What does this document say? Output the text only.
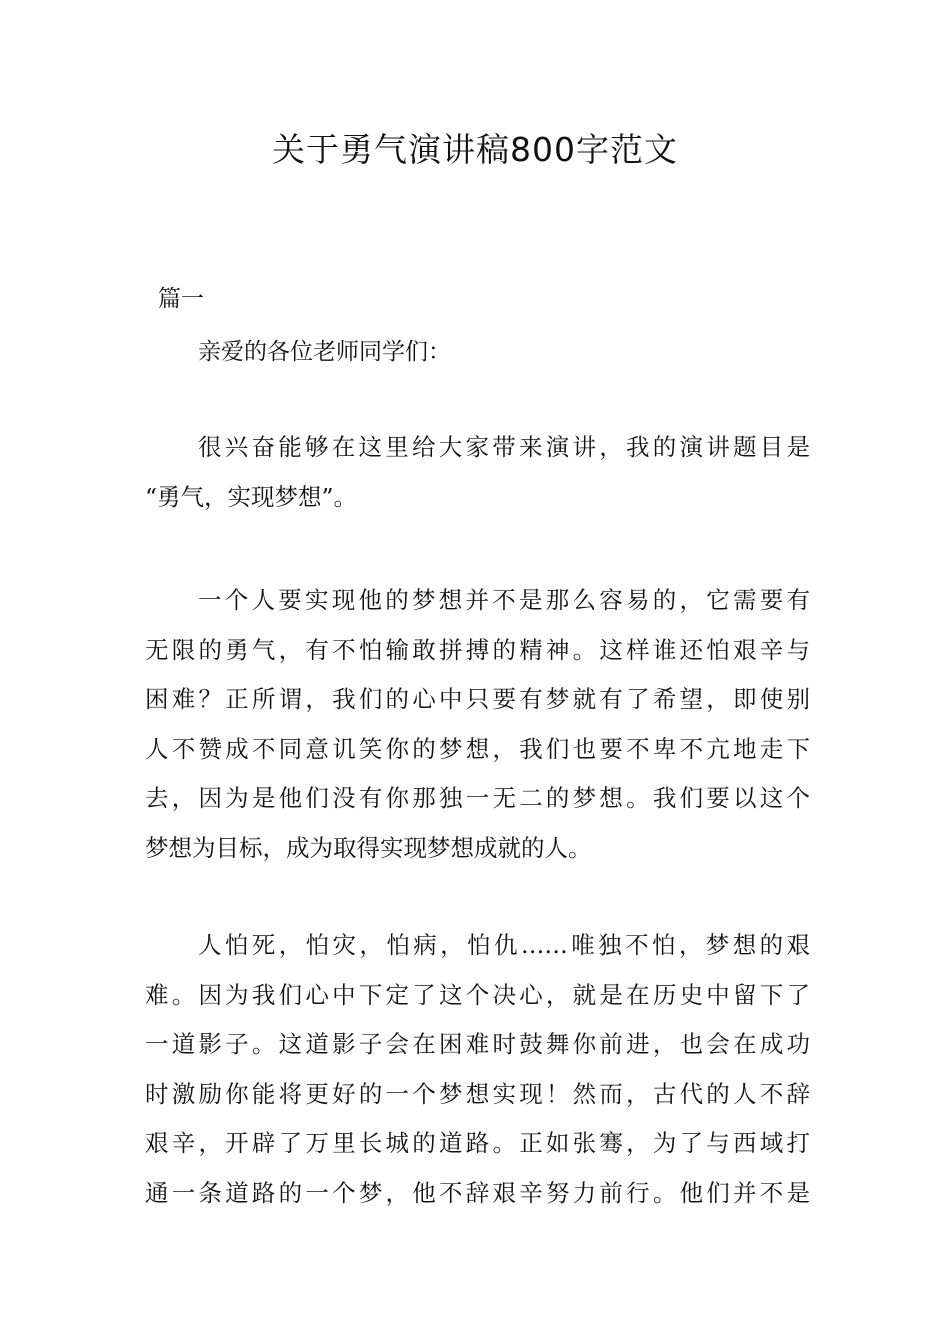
关于勇气演讲稿800字范文

篇一

亲爱的各位老师同学们：

很兴奋能够在这里给大家带来演讲，我的演讲题目是
“勇气，实现梦想”。
一个人要实现他的梦想并不是那么容易的，它需要有
无限的勇气，有不怕输敢拼搏的精神。这样谁还怕艰辛与
困难？正所谓，我们的心中只要有梦就有了希望，即使别
人不赞成不同意讥笑你的梦想，我们也要不卑不亢地走下
去，因为是他们没有你那独一无二的梦想。我们要以这个
梦想为目标，成为取得实现梦想成就的人。
人怕死，怕灾，怕病，怕仇……唯独不怕，梦想的艰
难。因为我们心中下定了这个决心，就是在历史中留下了
一道影子。这道影子会在困难时鼓舞你前进，也会在成功
时激励你能将更好的一个梦想实现！然而，古代的人不辞
艰辛，开辟了万里长城的道路。正如张骞，为了与西域打
通一条道路的一个梦，他不辞艰辛努力前行。他们并不是
